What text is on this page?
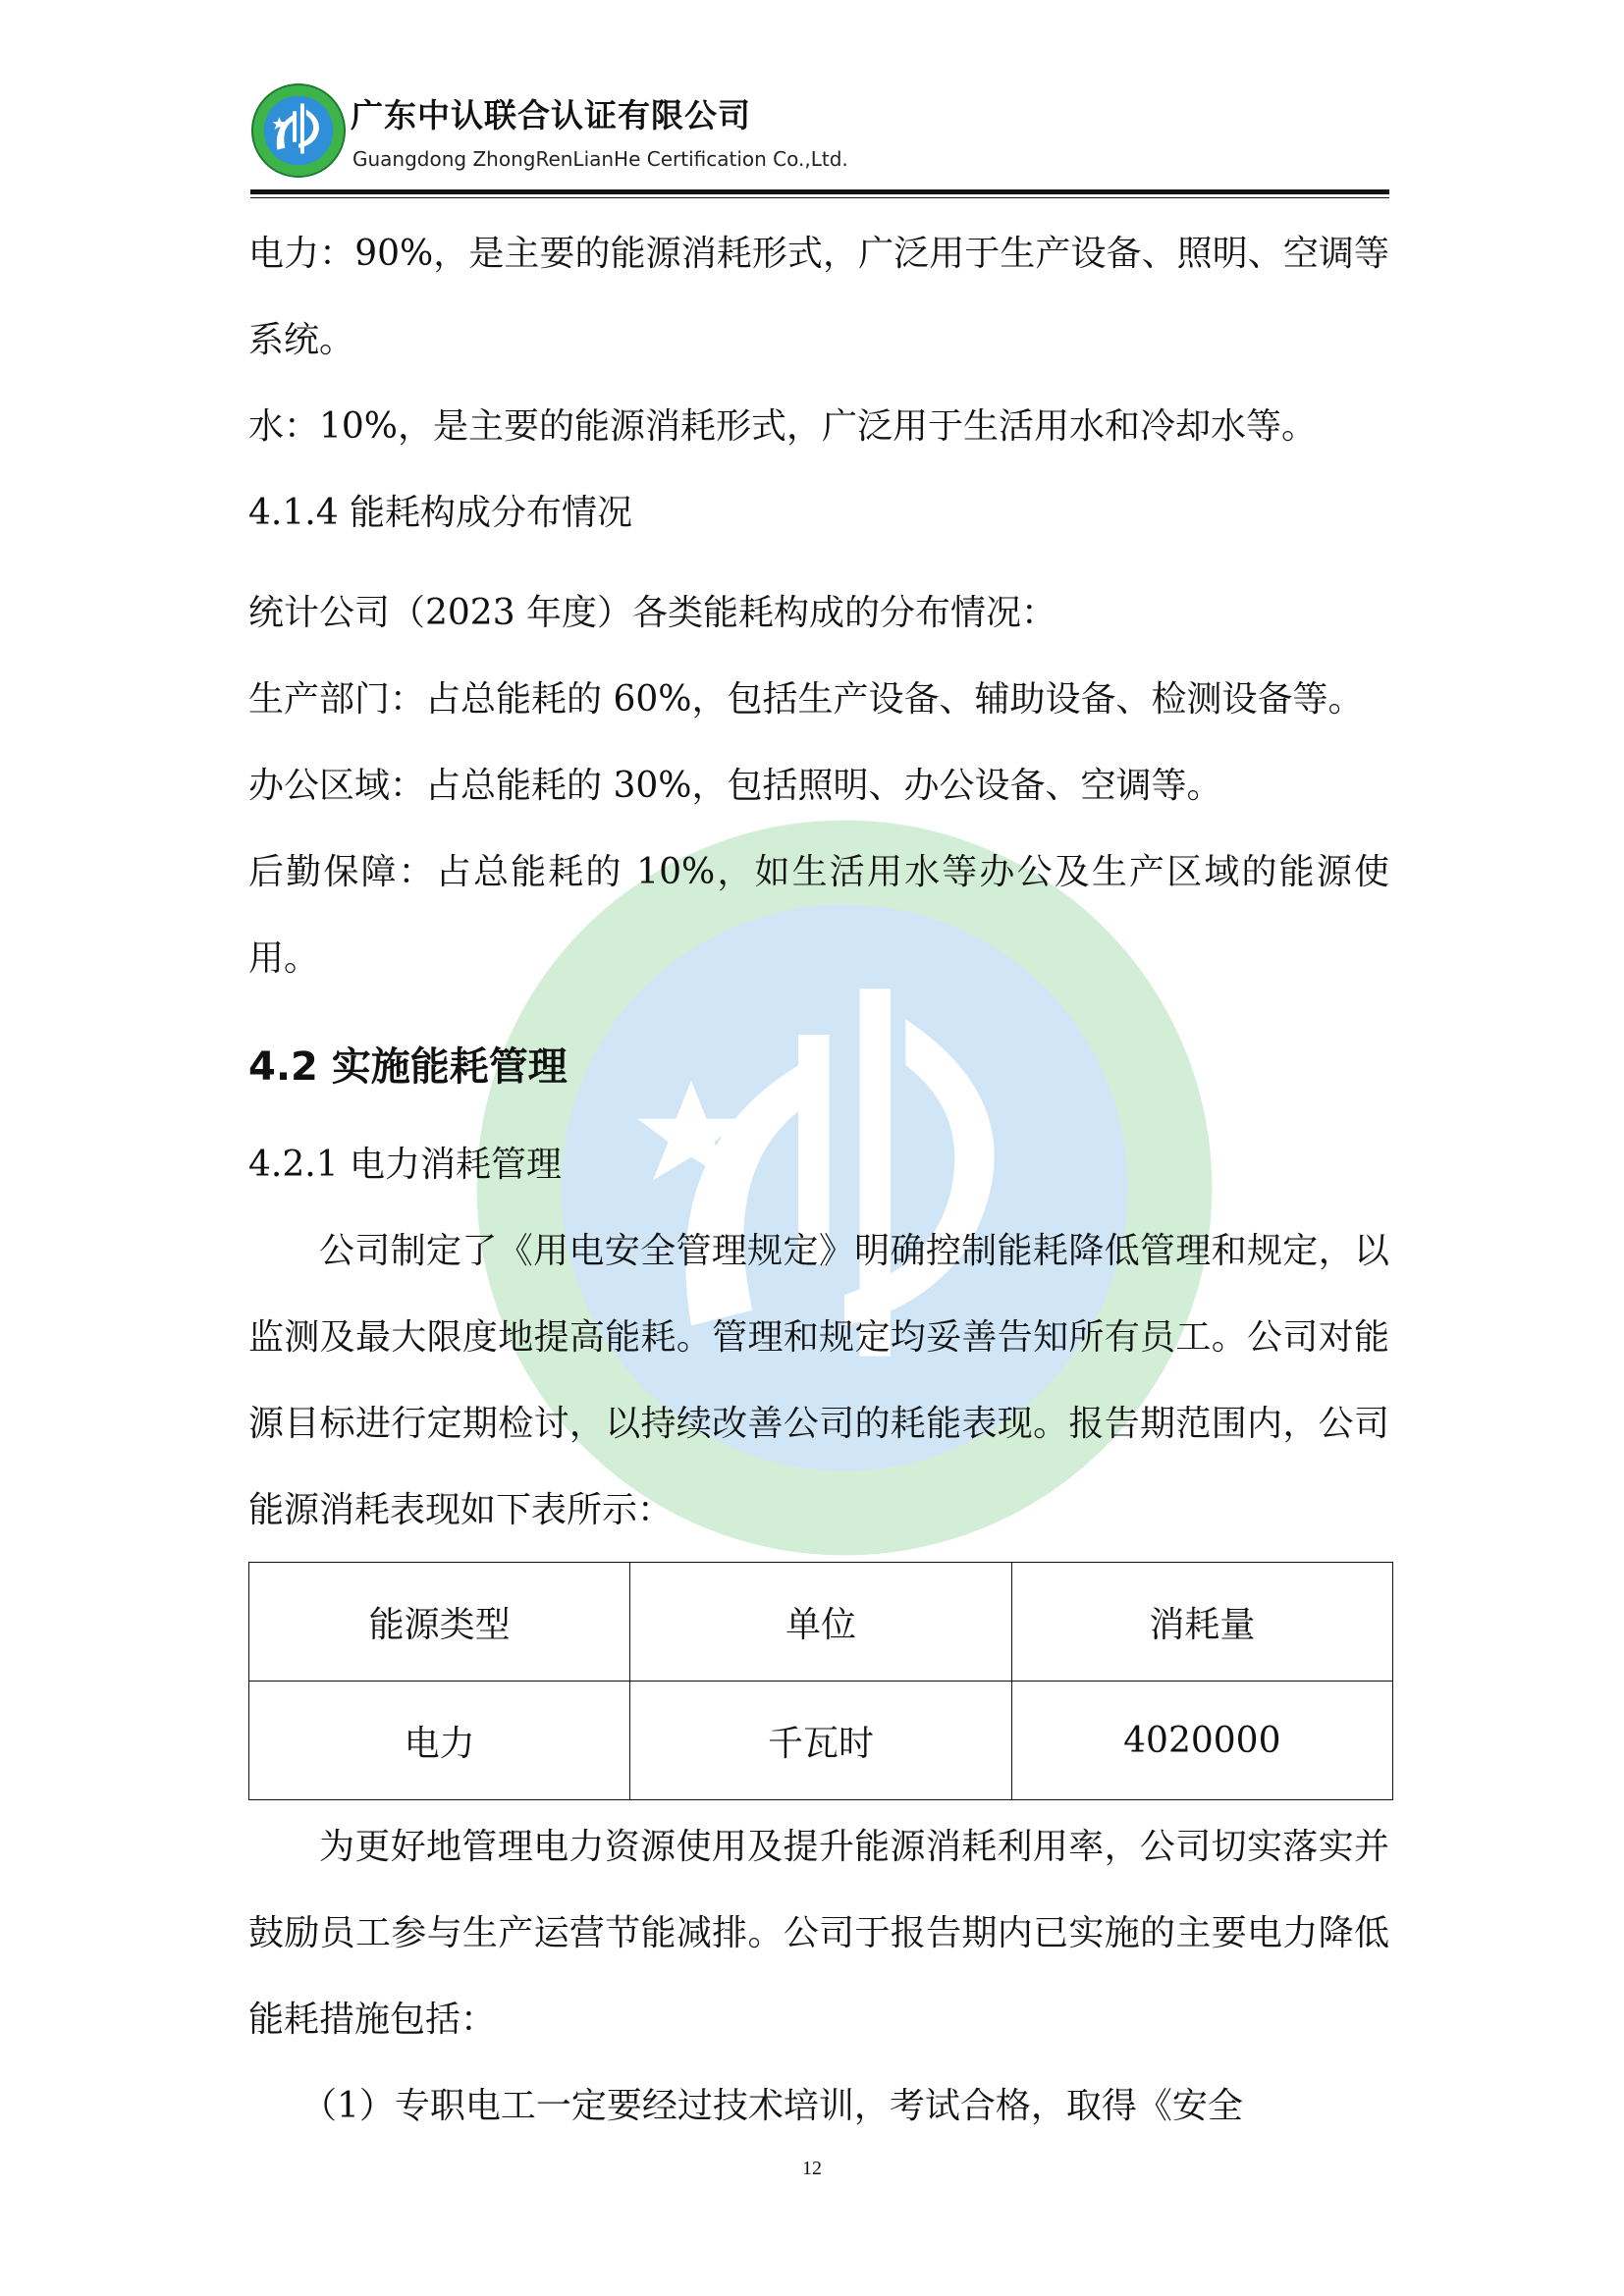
广东中认联合认证有限公司
Guangdong ZhongRenLianHe Certification Co.,Ltd.

电力：90%，是主要的能源消耗形式，广泛用于生产设备、照明、空调等系统。

水：10%，是主要的能源消耗形式，广泛用于生活用水和冷却水等。

4.1.4 能耗构成分布情况

统计公司（2023 年度）各类能耗构成的分布情况：

生产部门：占总能耗的 60%，包括生产设备、辅助设备、检测设备等。

办公区域：占总能耗的 30%，包括照明、办公设备、空调等。

后勤保障：占总能耗的 10%，如生活用水等办公及生产区域的能源使用。

4.2 实施能耗管理

4.2.1 电力消耗管理

公司制定了《用电安全管理规定》明确控制能耗降低管理和规定，以监测及最大限度地提高能耗。管理和规定均妥善告知所有员工。公司对能源目标进行定期检讨，以持续改善公司的耗能表现。报告期范围内，公司能源消耗表现如下表所示：

能源类型	单位	消耗量
电力	千瓦时	4020000

为更好地管理电力资源使用及提升能源消耗利用率，公司切实落实并鼓励员工参与生产运营节能减排。公司于报告期内已实施的主要电力降低能耗措施包括：

（1）专职电工一定要经过技术培训，考试合格，取得《安全

12
